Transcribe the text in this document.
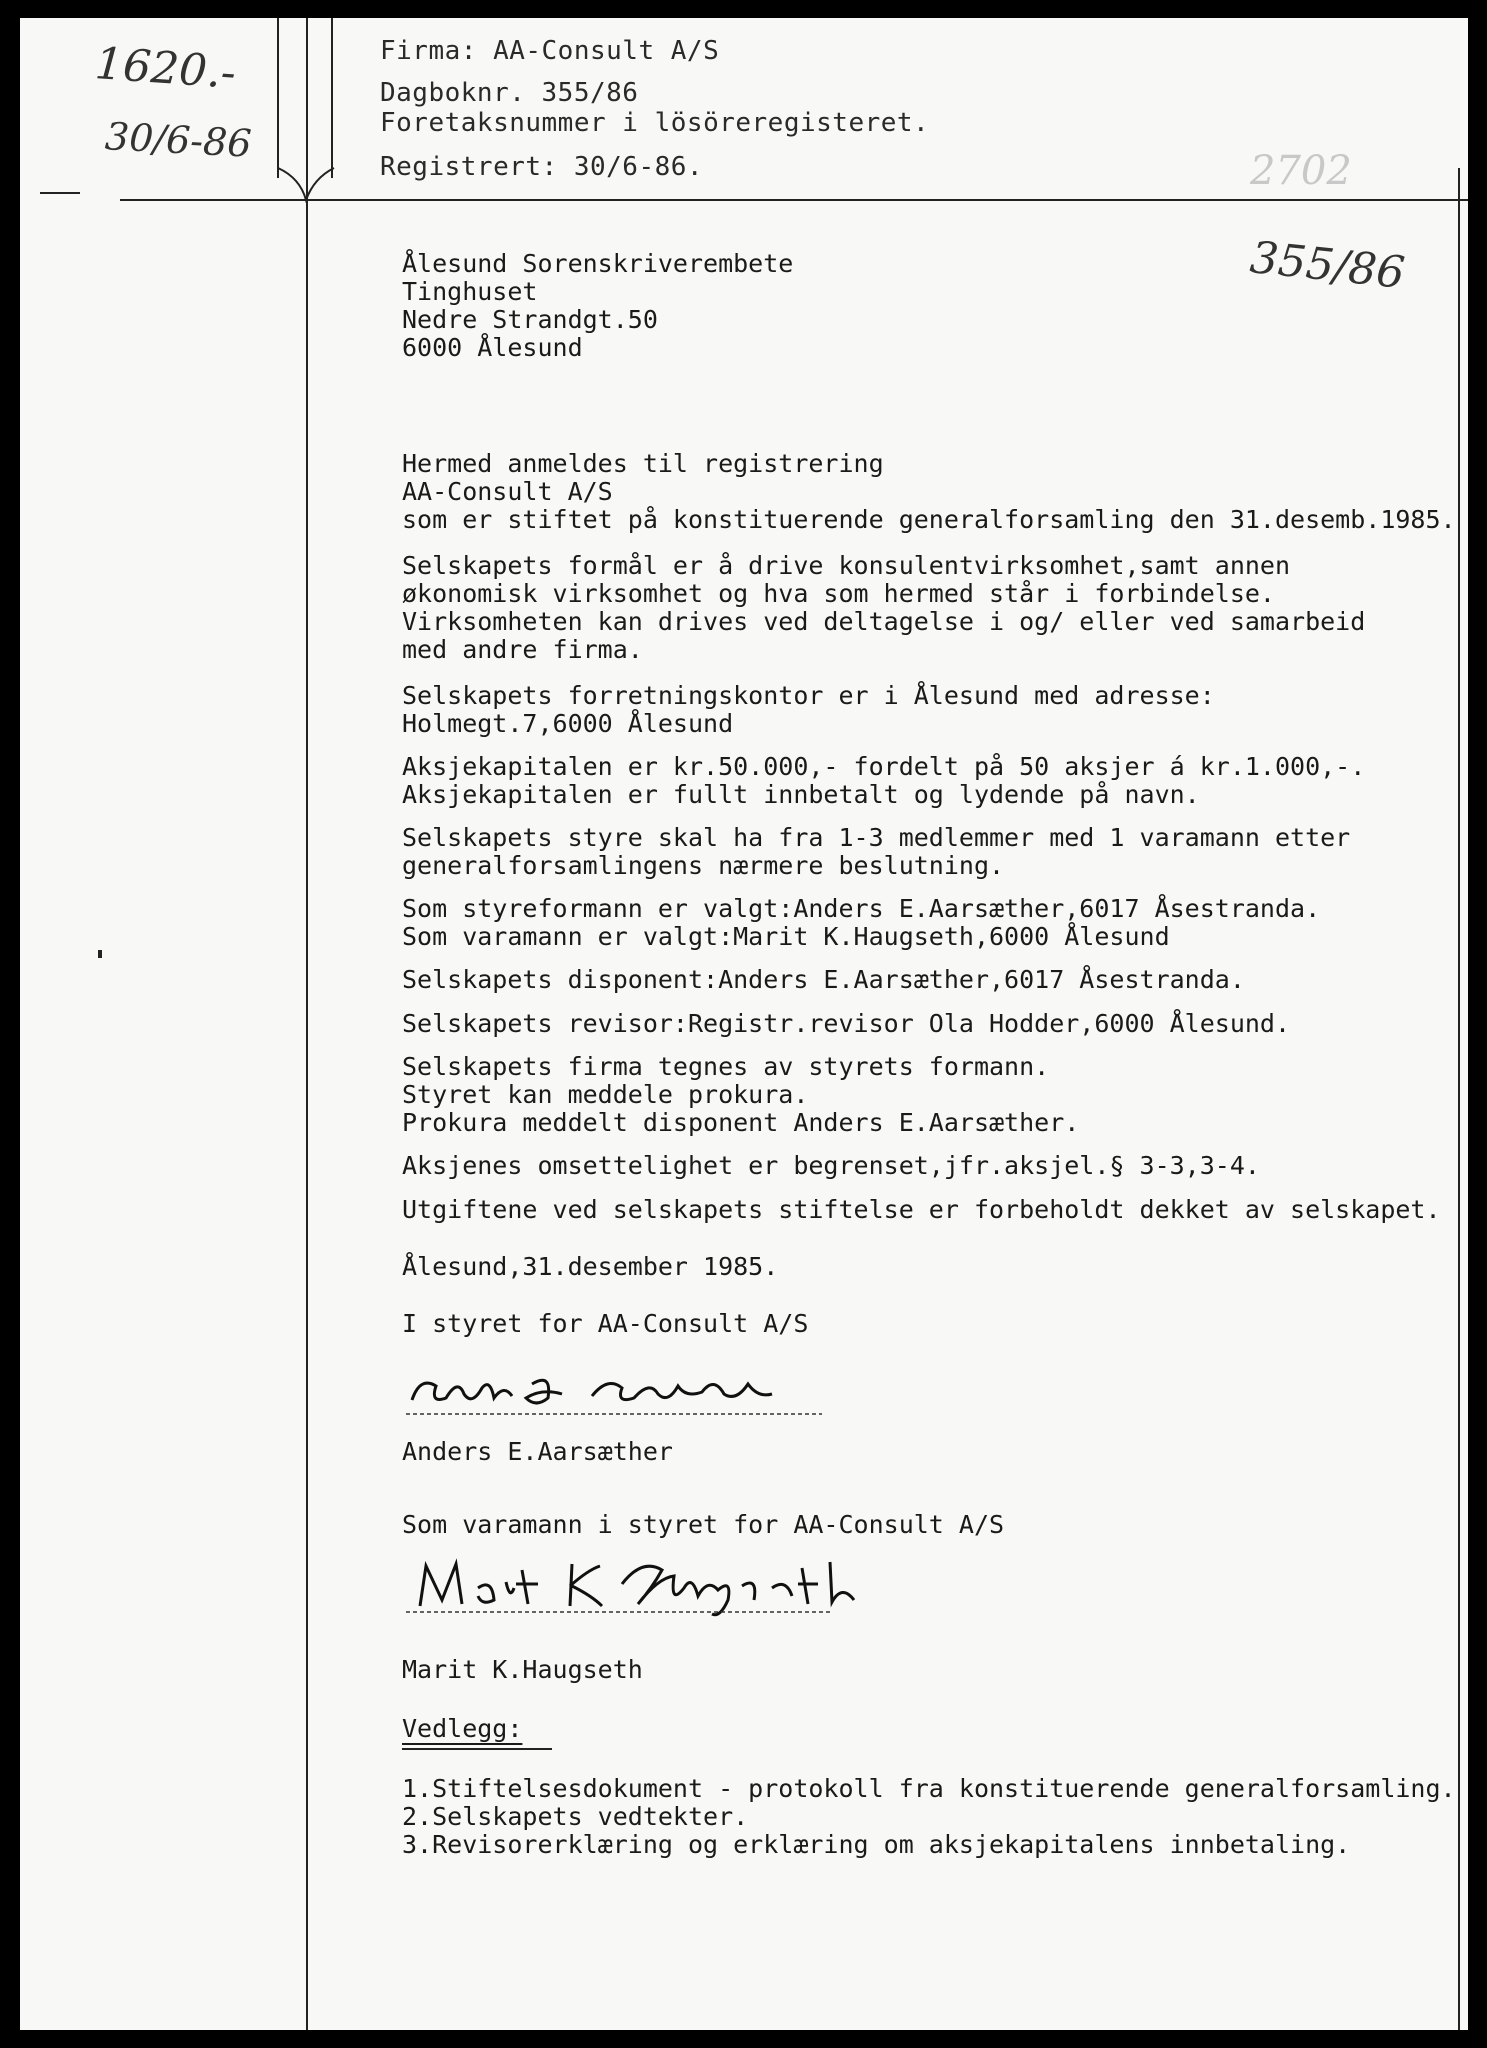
Firma: AA-Consult A/S
Dagboknr. 355/86
Foretaksnummer i lösöreregisteret.
Registrert: 30/6-86.
1620.-
30/6-86
2702
355/86
Ålesund Sorenskriverembete
Tinghuset
Nedre Strandgt.50
6000 Ålesund
Hermed anmeldes til registrering
AA-Consult A/S
som er stiftet på konstituerende generalforsamling den 31.desemb.1985.
Selskapets formål er å drive konsulentvirksomhet,samt annen
økonomisk virksomhet og hva som hermed står i forbindelse.
Virksomheten kan drives ved deltagelse i og/ eller ved samarbeid
med andre firma.
Selskapets forretningskontor er i Ålesund med adresse:
Holmegt.7,6000 Ålesund
Aksjekapitalen er kr.50.000,- fordelt på 50 aksjer á kr.1.000,-.
Aksjekapitalen er fullt innbetalt og lydende på navn.
Selskapets styre skal ha fra 1-3 medlemmer med 1 varamann etter
generalforsamlingens nærmere beslutning.
Som styreformann er valgt:Anders E.Aarsæther,6017 Åsestranda.
Som varamann er valgt:Marit K.Haugseth,6000 Ålesund
Selskapets disponent:Anders E.Aarsæther,6017 Åsestranda.
Selskapets revisor:Registr.revisor Ola Hodder,6000 Ålesund.
Selskapets firma tegnes av styrets formann.
Styret kan meddele prokura.
Prokura meddelt disponent Anders E.Aarsæther.
Aksjenes omsettelighet er begrenset,jfr.aksjel.§ 3-3,3-4.
Utgiftene ved selskapets stiftelse er forbeholdt dekket av selskapet.
Ålesund,31.desember 1985.
I styret for AA-Consult A/S
Anders E.Aarsæther
Som varamann i styret for AA-Consult A/S
Marit K.Haugseth
Vedlegg:
1.Stiftelsesdokument - protokoll fra konstituerende generalforsamling.
2.Selskapets vedtekter.
3.Revisorerklæring og erklæring om aksjekapitalens innbetaling.
